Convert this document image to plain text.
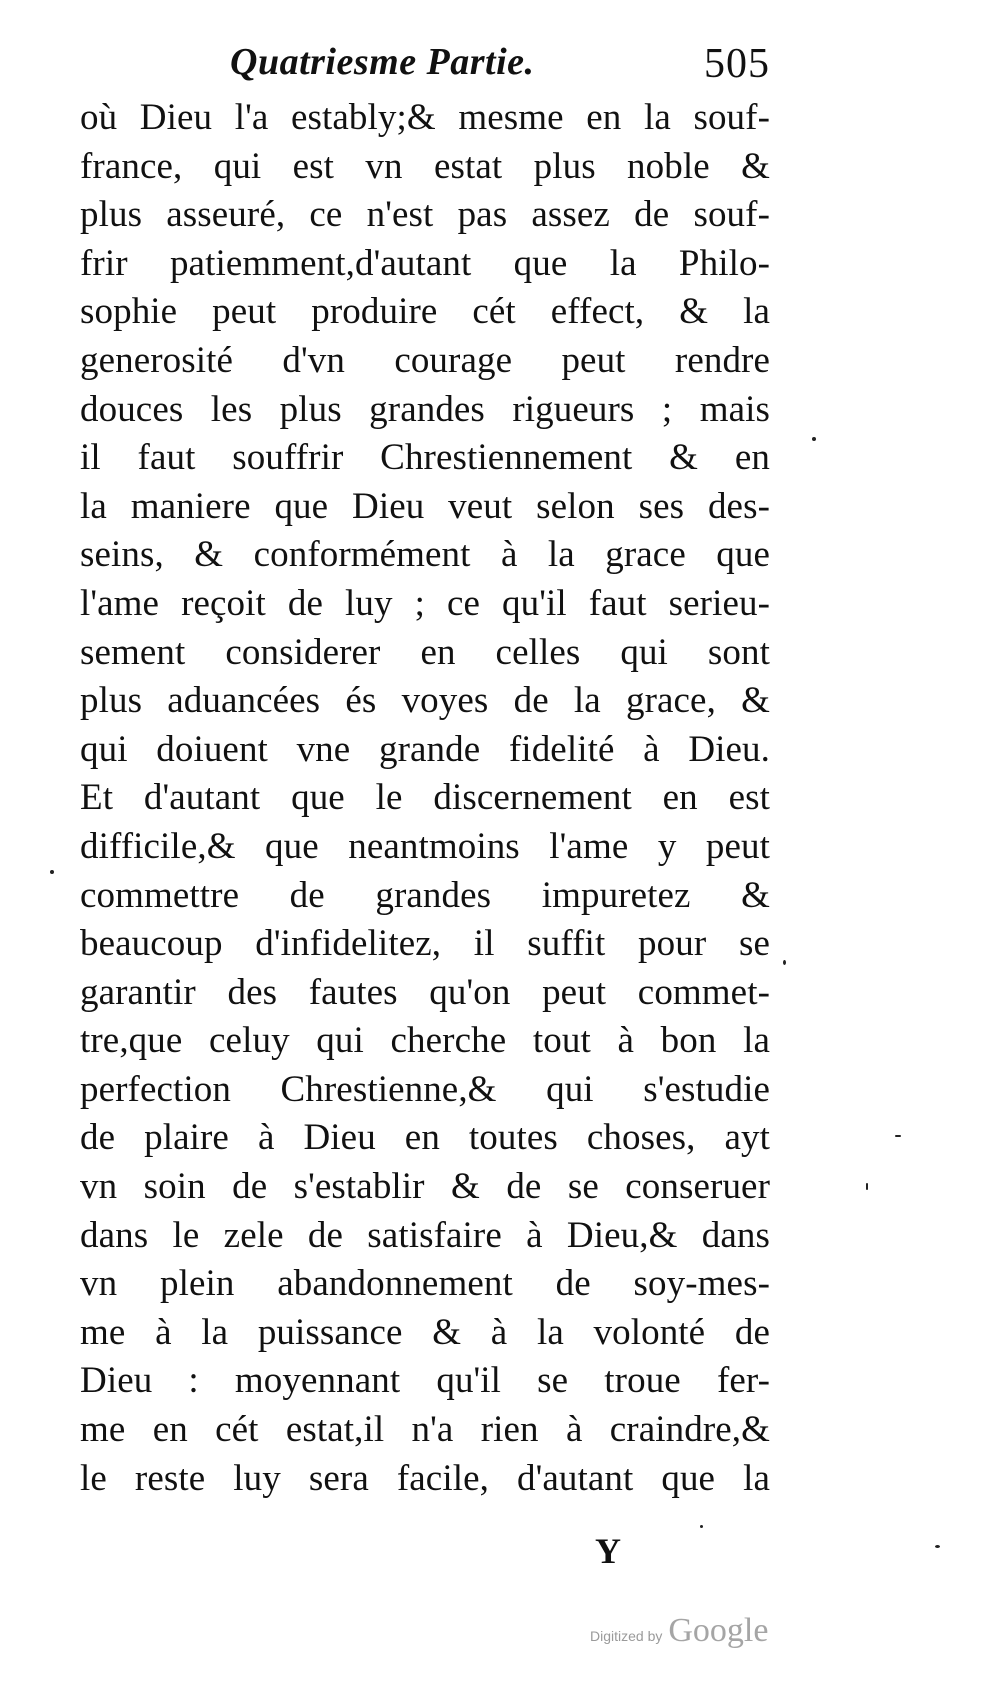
Quatriesme Partie.	505
où Dieu l'a estably;& mesme en la souf-
france, qui est vn estat plus noble &
plus asseuré, ce n'est pas assez de souf-
frir patiemment,d'autant que la Philo-
sophie peut produire cét effect, & la
generosité d'vn courage peut rendre
douces les plus grandes rigueurs ; mais
il faut souffrir Chrestiennement & en
la maniere que Dieu veut selon ses des-
seins, & conformément à la grace que
l'ame reçoit de luy ; ce qu'il faut serieu-
sement considerer en celles qui sont
plus aduancées és voyes de la grace, &
qui doiuent vne grande fidelité à Dieu.
Et d'autant que le discernement en est
difficile,& que neantmoins l'ame y peut
commettre de grandes impuretez &
beaucoup d'infidelitez, il suffit pour se
garantir des fautes qu'on peut commet-
tre,que celuy qui cherche tout à bon la
perfection Chrestienne,& qui s'estudie
de plaire à Dieu en toutes choses, ayt
vn soin de s'establir & de se conseruer
dans le zele de satisfaire à Dieu,& dans
vn plein abandonnement de soy-mes-
me à la puissance & à la volonté de
Dieu : moyennant qu'il se troue fer-
me en cét estat,il n'a rien à craindre,&
le reste luy sera facile, d'autant que la
Y
Digitized by Google
